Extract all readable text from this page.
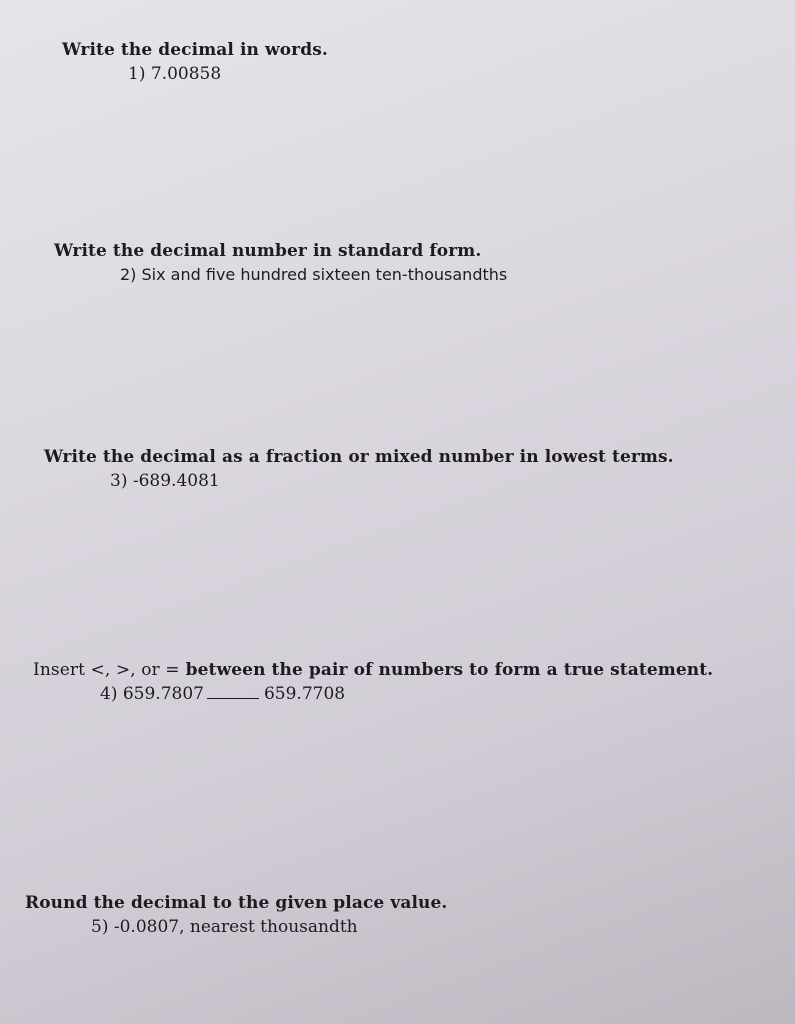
Write the decimal in words.
1) 7.00858
Write the decimal number in standard form.
2) Six and five hundred sixteen ten-thousandths
Write the decimal as a fraction or mixed number in lowest terms.
3) -689.4081
Insert <, >, or = between the pair of numbers to form a true statement.
4) 659.7807	659.7708
Round the decimal to the given place value.
5) -0.0807, nearest thousandth
